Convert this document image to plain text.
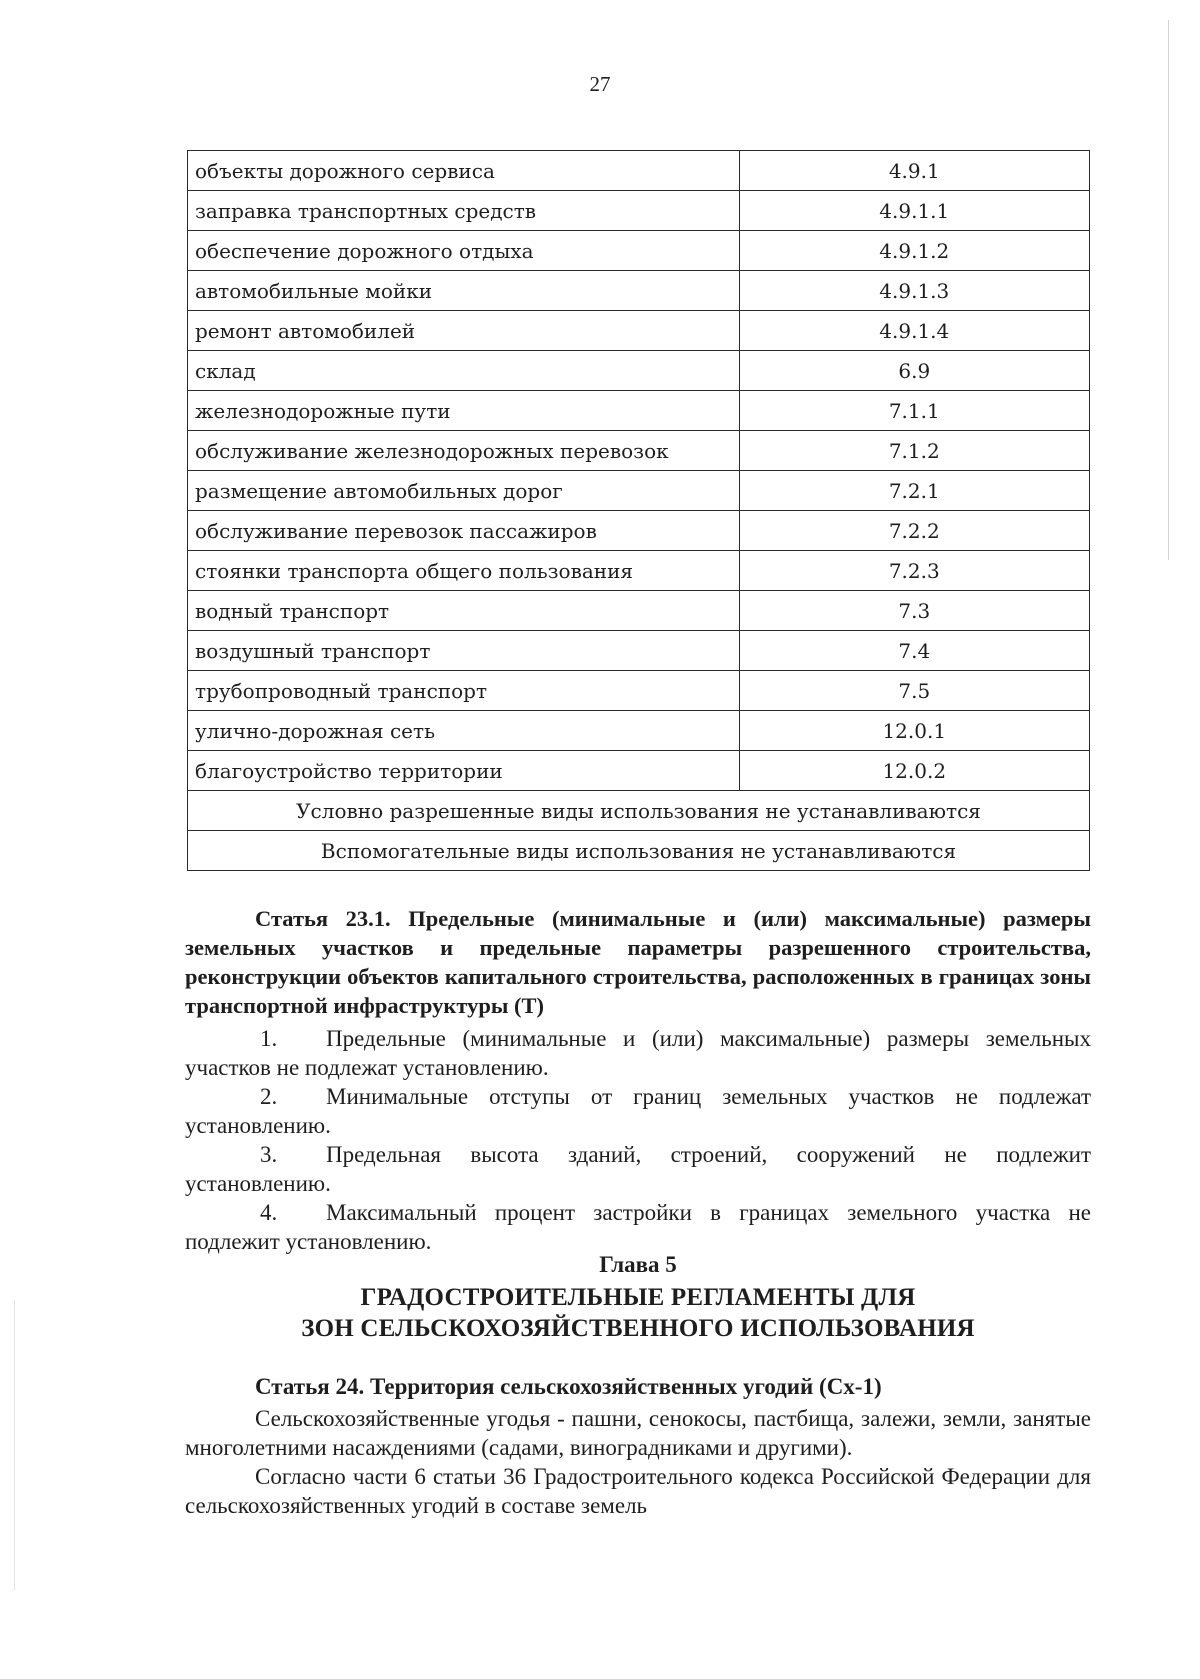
27
объекты дорожного сервиса	4.9.1
заправка транспортных средств	4.9.1.1
обеспечение дорожного отдыха	4.9.1.2
автомобильные мойки	4.9.1.3
ремонт автомобилей	4.9.1.4
склад	6.9
железнодорожные пути	7.1.1
обслуживание железнодорожных перевозок	7.1.2
размещение автомобильных дорог	7.2.1
обслуживание перевозок пассажиров	7.2.2
стоянки транспорта общего пользования	7.2.3
водный транспорт	7.3
воздушный транспорт	7.4
трубопроводный транспорт	7.5
улично-дорожная сеть	12.0.1
благоустройство территории	12.0.2
Условно разрешенные виды использования не устанавливаются	
Вспомогательные виды использования не устанавливаются	
Статья 23.1. Предельные (минимальные и (или) максимальные) размеры земельных участков и предельные параметры разрешенного строительства, реконструкции объектов капитального строительства, расположенных в границах зоны транспортной инфраструктуры (Т)
1. Предельные (минимальные и (или) максимальные) размеры земельных участков не подлежат установлению.
2. Минимальные отступы от границ земельных участков не подлежат установлению.
3. Предельная высота зданий, строений, сооружений не подлежит установлению.
4. Максимальный процент застройки в границах земельного участка не подлежит установлению.
Глава 5
ГРАДОСТРОИТЕЛЬНЫЕ РЕГЛАМЕНТЫ ДЛЯ
ЗОН СЕЛЬСКОХОЗЯЙСТВЕННОГО ИСПОЛЬЗОВАНИЯ
Статья 24. Территория сельскохозяйственных угодий (Сх-1)
Сельскохозяйственные угодья - пашни, сенокосы, пастбища, залежи, земли, занятые многолетними насаждениями (садами, виноградниками и другими).
Согласно части 6 статьи 36 Градостроительного кодекса Российской Федерации для сельскохозяйственных угодий в составе земель
